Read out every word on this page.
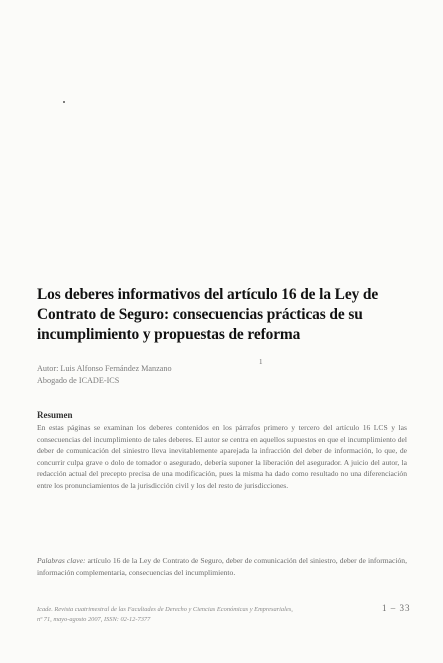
Los deberes informativos del artículo 16 de la Ley de Contrato de Seguro: consecuencias prácticas de su incumplimiento y propuestas de reforma
1
Autor: Luis Alfonso Fernández Manzano
Abogado de ICADE-ICS
Resumen

En estas páginas se examinan los deberes contenidos en los párrafos primero y tercero del artículo 16 LCS y las consecuencias del incumplimiento de tales deberes. El autor se centra en aquellos supuestos en que el incumplimiento del deber de comunicación del siniestro lleva inevitablemente aparejada la infracción del deber de información, lo que, de concurrir culpa grave o dolo de tomador o asegurado, debería suponer la liberación del asegurador. A juicio del autor, la redacción actual del precepto precisa de una modificación, pues la misma ha dado como resultado no una diferenciación entre los pronunciamientos de la jurisdicción civil y los del resto de jurisdicciones.

Palabras clave: artículo 16 de la Ley de Contrato de Seguro, deber de comunicación del siniestro, deber de información, información complementaria, consecuencias del incumplimiento.

Icade. Revista cuatrimestral de las Facultades de Derecho y Ciencias Económicas y Empresariales,
nº 71, mayo-agosto 2007, ISSN: 02-12-7377
1 – 33
